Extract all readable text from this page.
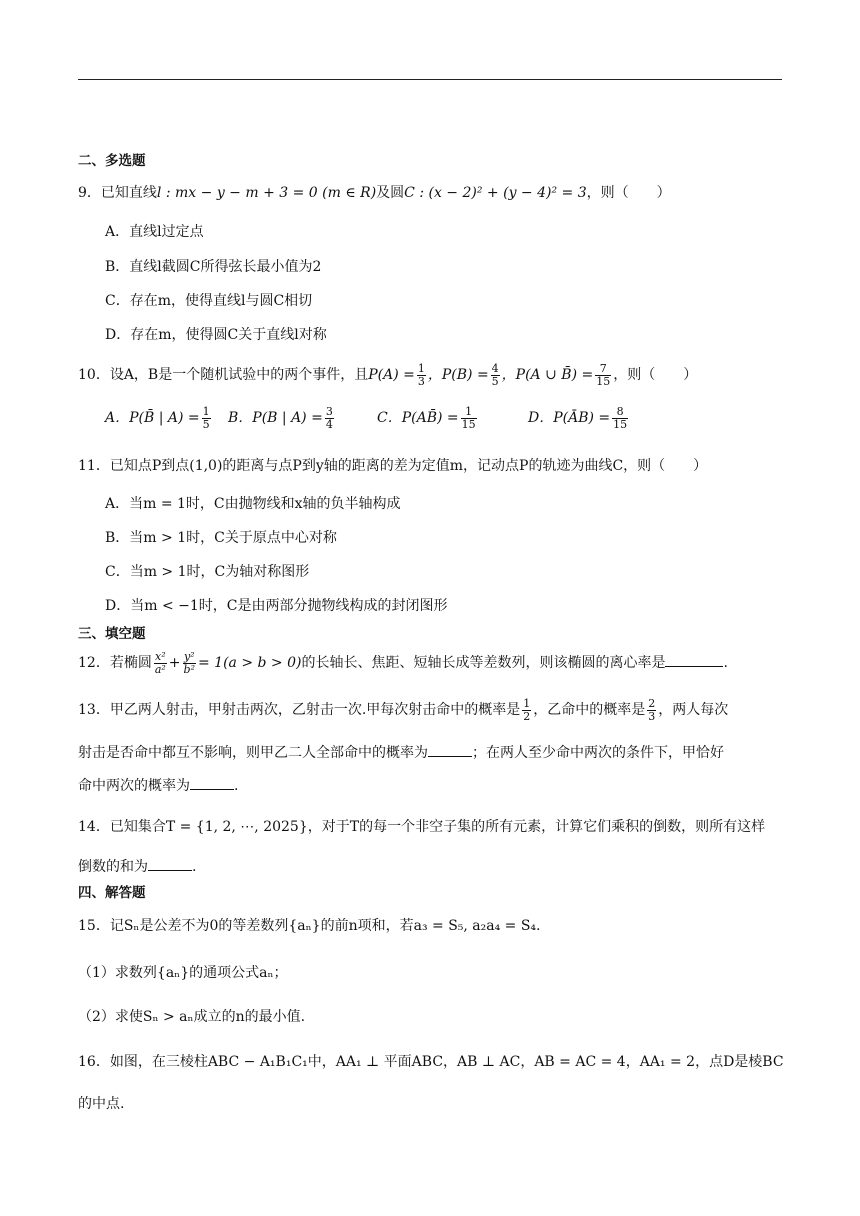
二、多选题
9．已知直线l : mx − y − m + 3 = 0 (m ∈ R)及圆C : (x − 2)² + (y − 4)² = 3，则（　　）
A．直线l过定点
B．直线l截圆C所得弦长最小值为2
C．存在m，使得直线l与圆C相切
D．存在m，使得圆C关于直线l对称
10．设A，B是一个随机试验中的两个事件，且$P(A) = \frac{1}{3}$ ，$P(B) = \frac{4}{5}$ ，P(A ∪ B̄) = $\frac{7}{15}$ ，则（　　）
A．P(B̄ | $A) = \frac{1}{5}$ B．P(B | $A) = \frac{3}{4}$	C．P(AB̄) = $\frac{1}{15}$	D．P(ĀB) = $\frac{8}{15}$
11．已知点P到点(1,0)的距离与点P到y轴的距离的差为定值m，记动点P的轨迹为曲线C，则（　　）
A．当m = 1时，C由抛物线和x轴的负半轴构成
B．当m > 1时，C关于原点中心对称
C．当m > 1时，C为轴对称图形
D．当m < −1时，C是由两部分抛物线构成的封闭图形
三、填空题
12．若椭圆 $\frac{\text{x²}}{\text{a²}} + \frac{\text{y²}}{\text{b²}} = 1(a > b > 0)$的长轴长、焦距、短轴长成等差数列，则该椭圆的离心率是	.
13．甲乙两人射击，甲射击两次，乙射击一次.甲每次射击命中的概率是 $\frac{1}{2}$ ，乙命中的概率是 $\frac{2}{3}$ ，两人每次
射击是否命中都互不影响，则甲乙二人全部命中的概率为	；在两人至少命中两次的条件下，甲恰好
命中两次的概率为	.
14．已知集合T = {1, 2, ⋯, 2025}，对于T的每一个非空子集的所有元素，计算它们乘积的倒数，则所有这样
倒数的和为	.
四、解答题
15．记Sₙ是公差不为0的等差数列{aₙ}的前n项和，若a₃ = S₅, a₂a₄ = S₄.
（1）求数列{aₙ}的通项公式aₙ；
（2）求使Sₙ > aₙ成立的n的最小值.
16．如图，在三棱柱ABC − A₁B₁C₁中，AA₁ ⊥ 平面ABC，AB ⊥ AC，AB = AC = 4，AA₁ = 2，点D是棱BC
的中点.
